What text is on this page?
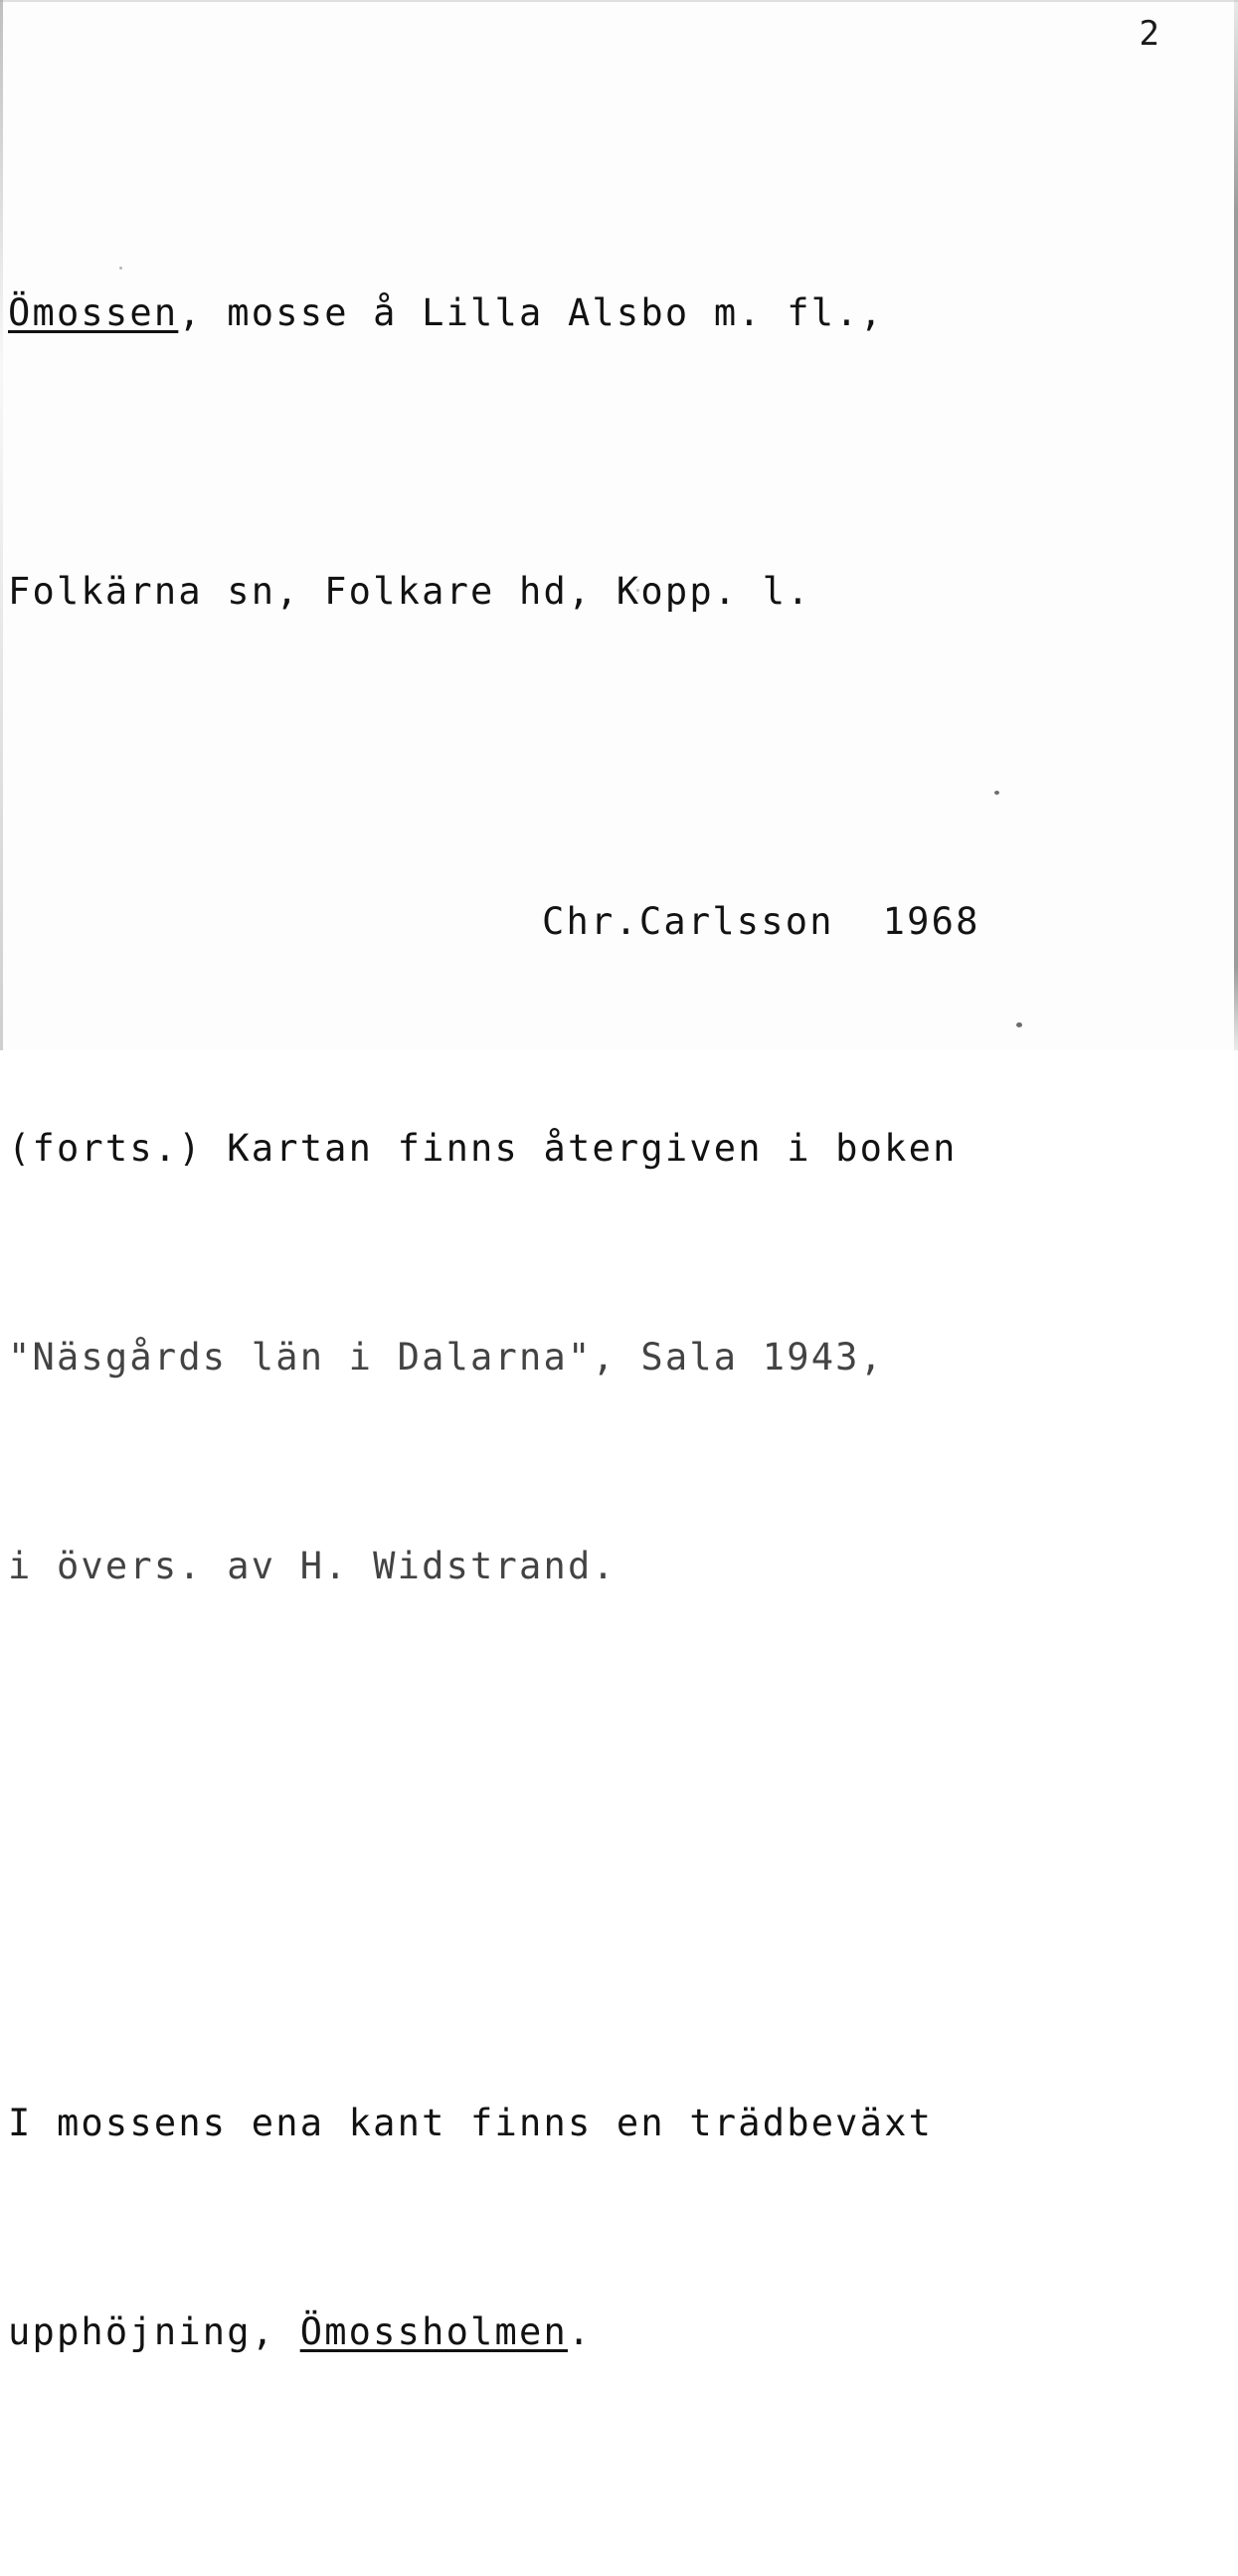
2

Ömossen, mosse å Lilla Alsbo m. fl.,

Folkärna sn, Folkare hd, Kopp. l.

(forts.) Kartan finns återgiven i boken

"Näsgårds län i Dalarna", Sala 1943,

i övers. av H. Widstrand.

I mossens ena kant finns en trädbeväxt

upphöjning, Ömossholmen.

Chr.Carlsson  1968
